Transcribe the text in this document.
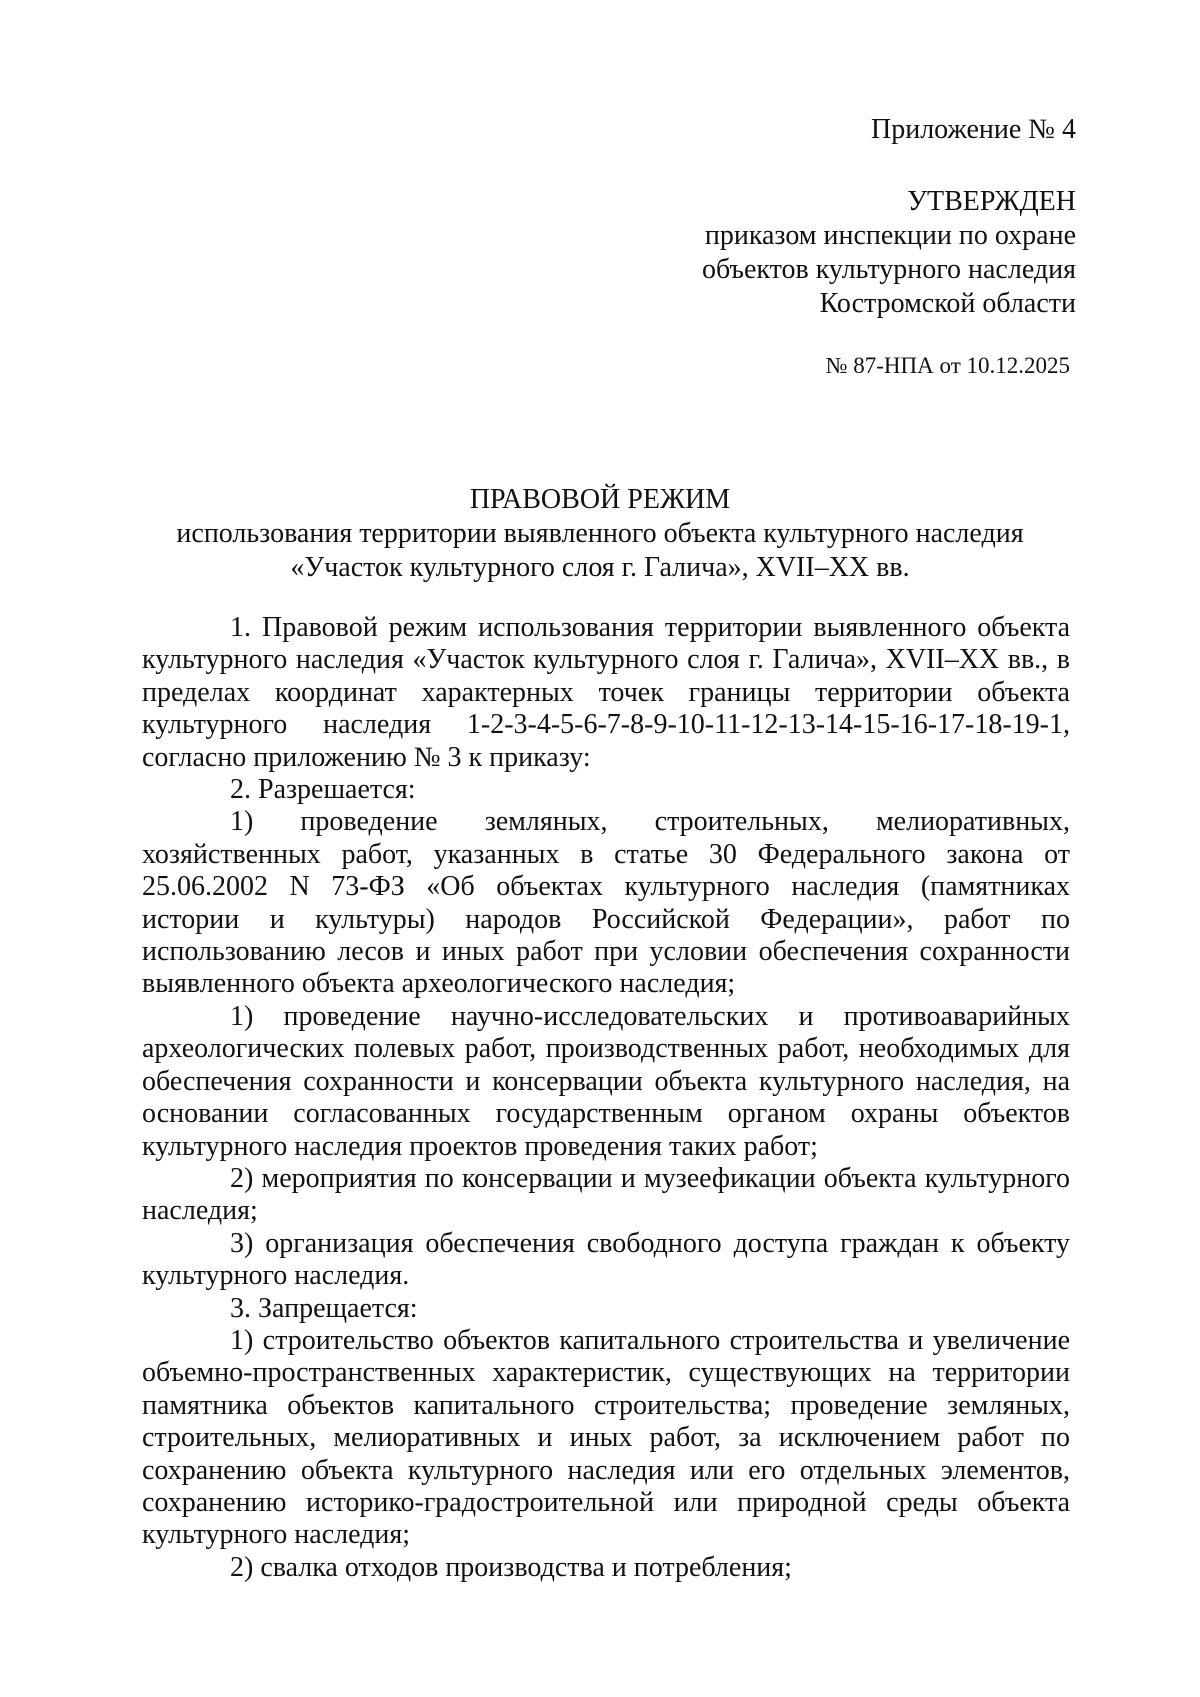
Приложение № 4
УТВЕРЖДЕН
приказом инспекции по охране
объектов культурного наследия
Костромской области
№ 87-НПА от 10.12.2025
ПРАВОВОЙ РЕЖИМ
использования территории выявленного объекта культурного наследия
«Участок культурного слоя г. Галича», XVII–XX вв.

1. Правовой режим использования территории выявленного объекта культурного наследия «Участок культурного слоя г. Галича», XVII–XX вв., в пределах координат характерных точек границы территории объекта культурного наследия 1-2-3-4-5-6-7-8-9-10-11-12-13-14-15-16-17-18-19-1, согласно приложению № 3 к приказу:

2. Разрешается:

1) проведение земляных, строительных, мелиоративных, хозяйственных работ, указанных в статье 30 Федерального закона от 25.06.2002 N 73-ФЗ «Об объектах культурного наследия (памятниках истории и культуры) народов Российской Федерации», работ по использованию лесов и иных работ при условии обеспечения сохранности выявленного объекта археологического наследия;

1) проведение научно-исследовательских и противоаварийных археологических полевых работ, производственных работ, необходимых для обеспечения сохранности и консервации объекта культурного наследия, на основании согласованных государственным органом охраны объектов культурного наследия проектов проведения таких работ;

2) мероприятия по консервации и музеефикации объекта культурного наследия;

3) организация обеспечения свободного доступа граждан к объекту культурного наследия.

3. Запрещается:

1) строительство объектов капитального строительства и увеличение объемно-пространственных характеристик, существующих на территории памятника объектов капитального строительства; проведение земляных, строительных, мелиоративных и иных работ, за исключением работ по сохранению объекта культурного наследия или его отдельных элементов, сохранению историко-градостроительной или природной среды объекта культурного наследия;

2) свалка отходов производства и потребления;
